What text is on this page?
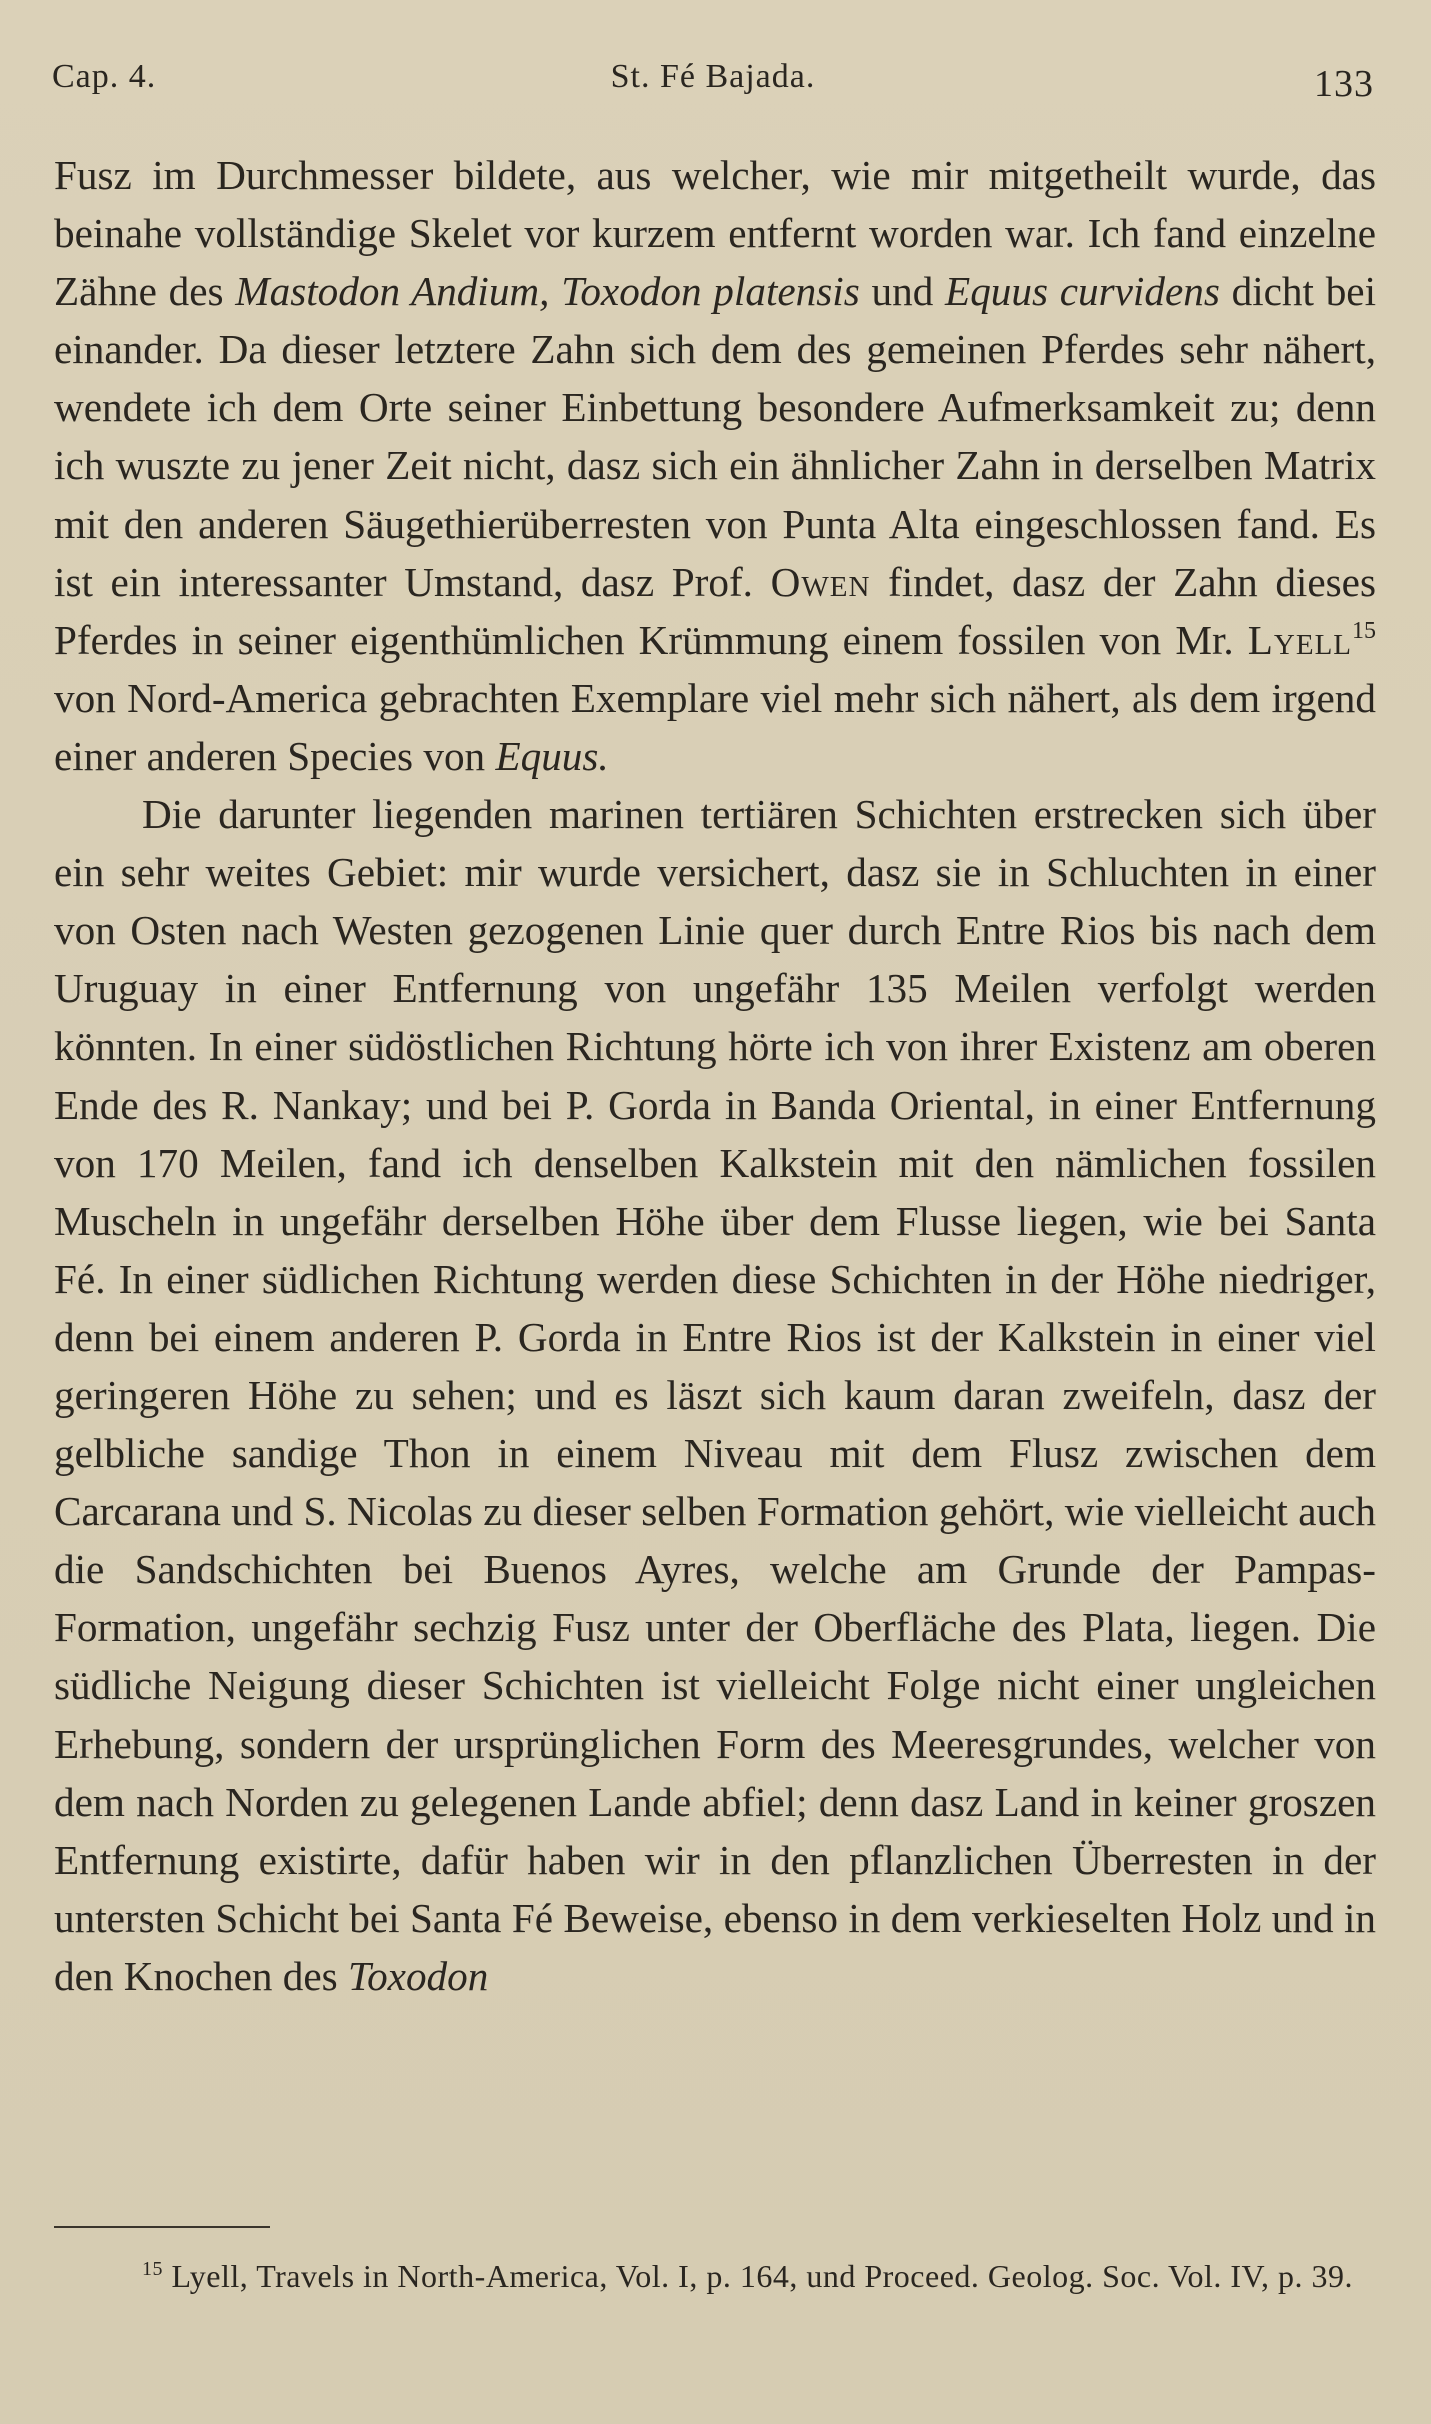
Cap. 4.	St. Fé Bajada.	133

Fusz im Durchmesser bildete, aus welcher, wie mir mitgetheilt wurde, das beinahe vollständige Skelet vor kurzem entfernt worden war. Ich fand einzelne Zähne des Mastodon Andium, Toxodon platensis und Equus curvidens dicht bei einander. Da dieser letztere Zahn sich dem des gemeinen Pferdes sehr nähert, wendete ich dem Orte seiner Einbettung besondere Aufmerksamkeit zu; denn ich wuszte zu jener Zeit nicht, dasz sich ein ähnlicher Zahn in derselben Matrix mit den anderen Säugethierüberresten von Punta Alta eingeschlossen fand. Es ist ein interessanter Umstand, dasz Prof. Owen findet, dasz der Zahn dieses Pferdes in seiner eigenthümlichen Krümmung einem fossilen von Mr. Lyell$^{15}$ von Nord-America gebrachten Exemplare viel mehr sich nähert, als dem irgend einer anderen Species von Equus.

Die darunter liegenden marinen tertiären Schichten erstrecken sich über ein sehr weites Gebiet: mir wurde versichert, dasz sie in Schluchten in einer von Osten nach Westen gezogenen Linie quer durch Entre Rios bis nach dem Uruguay in einer Entfernung von ungefähr 135 Meilen verfolgt werden könnten. In einer südöstlichen Richtung hörte ich von ihrer Existenz am oberen Ende des R. Nankay; und bei P. Gorda in Banda Oriental, in einer Entfernung von 170 Meilen, fand ich denselben Kalkstein mit den nämlichen fossilen Muscheln in ungefähr derselben Höhe über dem Flusse liegen, wie bei Santa Fé. In einer südlichen Richtung werden diese Schichten in der Höhe niedriger, denn bei einem anderen P. Gorda in Entre Rios ist der Kalkstein in einer viel geringeren Höhe zu sehen; und es läszt sich kaum daran zweifeln, dasz der gelbliche sandige Thon in einem Niveau mit dem Flusz zwischen dem Carcarana und S. Nicolas zu dieser selben Formation gehört, wie vielleicht auch die Sandschichten bei Buenos Ayres, welche am Grunde der Pampas-Formation, ungefähr sechzig Fusz unter der Oberfläche des Plata, liegen. Die südliche Neigung dieser Schichten ist vielleicht Folge nicht einer ungleichen Erhebung, sondern der ursprünglichen Form des Meeresgrundes, welcher von dem nach Norden zu gelegenen Lande abfiel; denn dasz Land in keiner groszen Entfernung existirte, dafür haben wir in den pflanzlichen Überresten in der untersten Schicht bei Santa Fé Beweise, ebenso in dem verkieselten Holz und in den Knochen des Toxodon

$^{15}$ Lyell, Travels in North-America, Vol. I, p. 164, und Proceed. Geolog. Soc. Vol. IV, p. 39.
